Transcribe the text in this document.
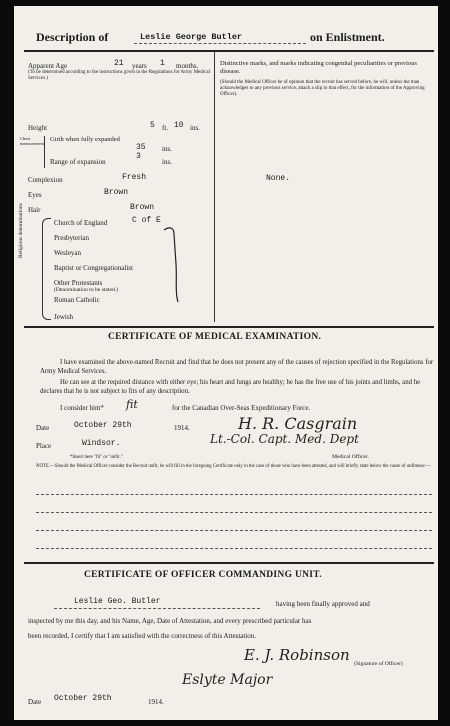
Description of	Leslie George Butler	on Enlistment.
Apparent Age	21 years 1 months.
(To be determined according to the instructions given in the Regulations for Army Medical Services.)
Distinctive marks, and marks indicating congenital peculiarities or previous disease.
(Should the Medical Officer be of opinion that the recruit has served before, he will, unless the man acknowledges to any previous service, attach a slip to that effect, for the information of the Approving Officer).
None.
Height	5 ft. 10 ins.
Chest measurement
Girth when fully expanded
35 ins.
Range of expansion
3
ins.
Complexion	Fresh
Eyes	Brown
Hair	Brown
Religious denominations	Church of England	C of E
Presbyterian
Wesleyan
Baptist or Congregationalist
Other Protestants
(Denomination to be stated.)
Roman Catholic
Jewish
CERTIFICATE OF MEDICAL EXAMINATION.
I have examined the above-named Recruit and find that he does not present any of the causes of rejection specified in the Regulations for Army Medical Services.
He can see at the required distance with either eye; his heart and lungs are healthy; he has the free use of his joints and limbs, and he declares that he is not subject to fits of any description.
I consider him* fit	for the Canadian Over-Seas Expeditionary Force.
Date	October 29th	1914.
Place	Windsor.
H. R. Casgrain
Lt.-Col. Capt. Med. Dept
*Insert here "fit" or "unfit."	Medical Officer.
NOTE.—Should the Medical Officer consider the Recruit unfit, he will fill in the foregoing Certificate only in the case of those who have been attested, and will briefly state below the cause of unfitness:—
CERTIFICATE OF OFFICER COMMANDING UNIT.
Leslie Geo. Butler	having been finally approved and
inspected by me this day, and his Name, Age, Date of Attestation, and every prescribed particular has
been recorded, I certify that I am satisfied with the correctness of this Attestation.
E. J. Robinson (Signature of Officer)
Eslyte Major
Date October 29th	1914.
